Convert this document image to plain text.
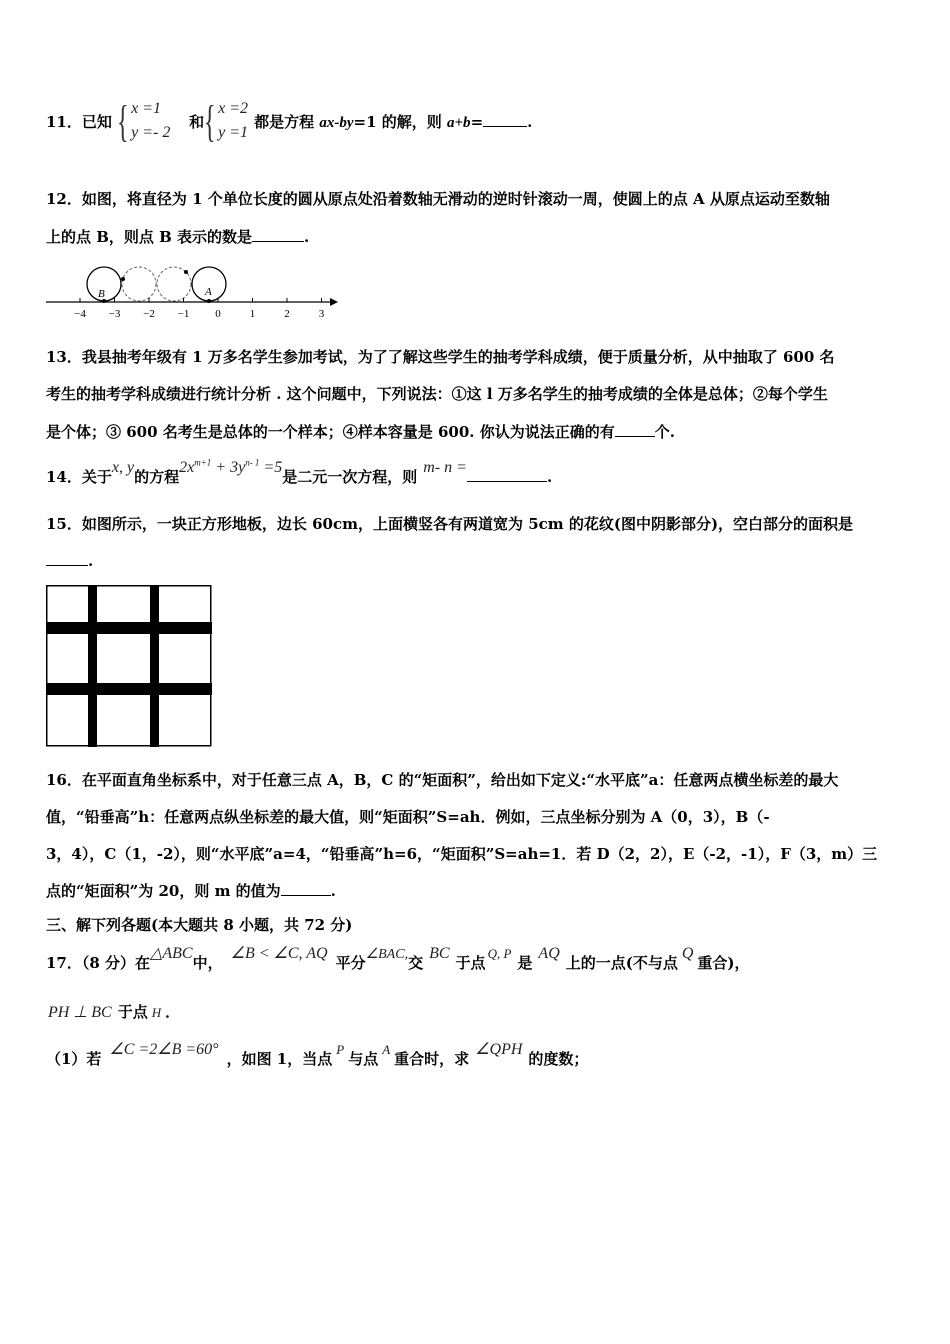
11．已知 { x =1
y =- 2
和 { x =2
y =1
都是方程 ax-by=1 的解，则 a+b=	.
12．如图，将直径为 1 个单位长度的圆从原点处沿着数轴无滑动的逆时针滚动一周，使圆上的点 A 从原点运动至数轴
上的点 B，则点 B 表示的数是	.
B	A
−4 −3 −2 −1 0	1	2	3
13．我县抽考年级有 1 万多名学生参加考试，为了了解这些学生的抽考学科成绩，便于质量分析，从中抽取了 600 名
考生的抽考学科成绩进行统计分析 . 这个问题中，下列说法：①这 l 万多名学生的抽考成绩的全体是总体；②每个学生
是个体；③ 600 名考生是总体的一个样本；④样本容量是 600. 你认为说法正确的有	个.
14．关于x, y的方程$2x^{m+1} + 3y^{n- 1} =5$是二元一次方程，则m- n =.
15．如图所示，一块正方形地板，边长 60cm，上面横竖各有两道宽为 5cm 的花纹(图中阴影部分)，空白部分的面积是
.
16．在平面直角坐标系中，对于任意三点 A，B，C 的“矩面积”，给出如下定义:“水平底”a：任意两点横坐标差的最大
值，“铅垂高”h：任意两点纵坐标差的最大值，则“矩面积”S=ah．例如，三点坐标分别为 A（0，3），B（-
3，4），C（1，-2），则“水平底”a=4，“铅垂高”h=6，“矩面积”S=ah=1．若 D（2，2），E（-2，-1），F（3，m）三
点的“矩面积”为 20，则 m 的值为	.
三、解下列各题(本大题共 8 小题，共 72 分)
17．（8 分）在△ABC中，∠B < ∠C, AQ平分∠BAC,交BC于点Q, P是AQ上的一点(不与点Q重合)，
PH ⊥ BC 于点 H ．
（1）若∠C =2∠B =60°，如图 1，当点P与点A重合时，求∠QPH的度数；
